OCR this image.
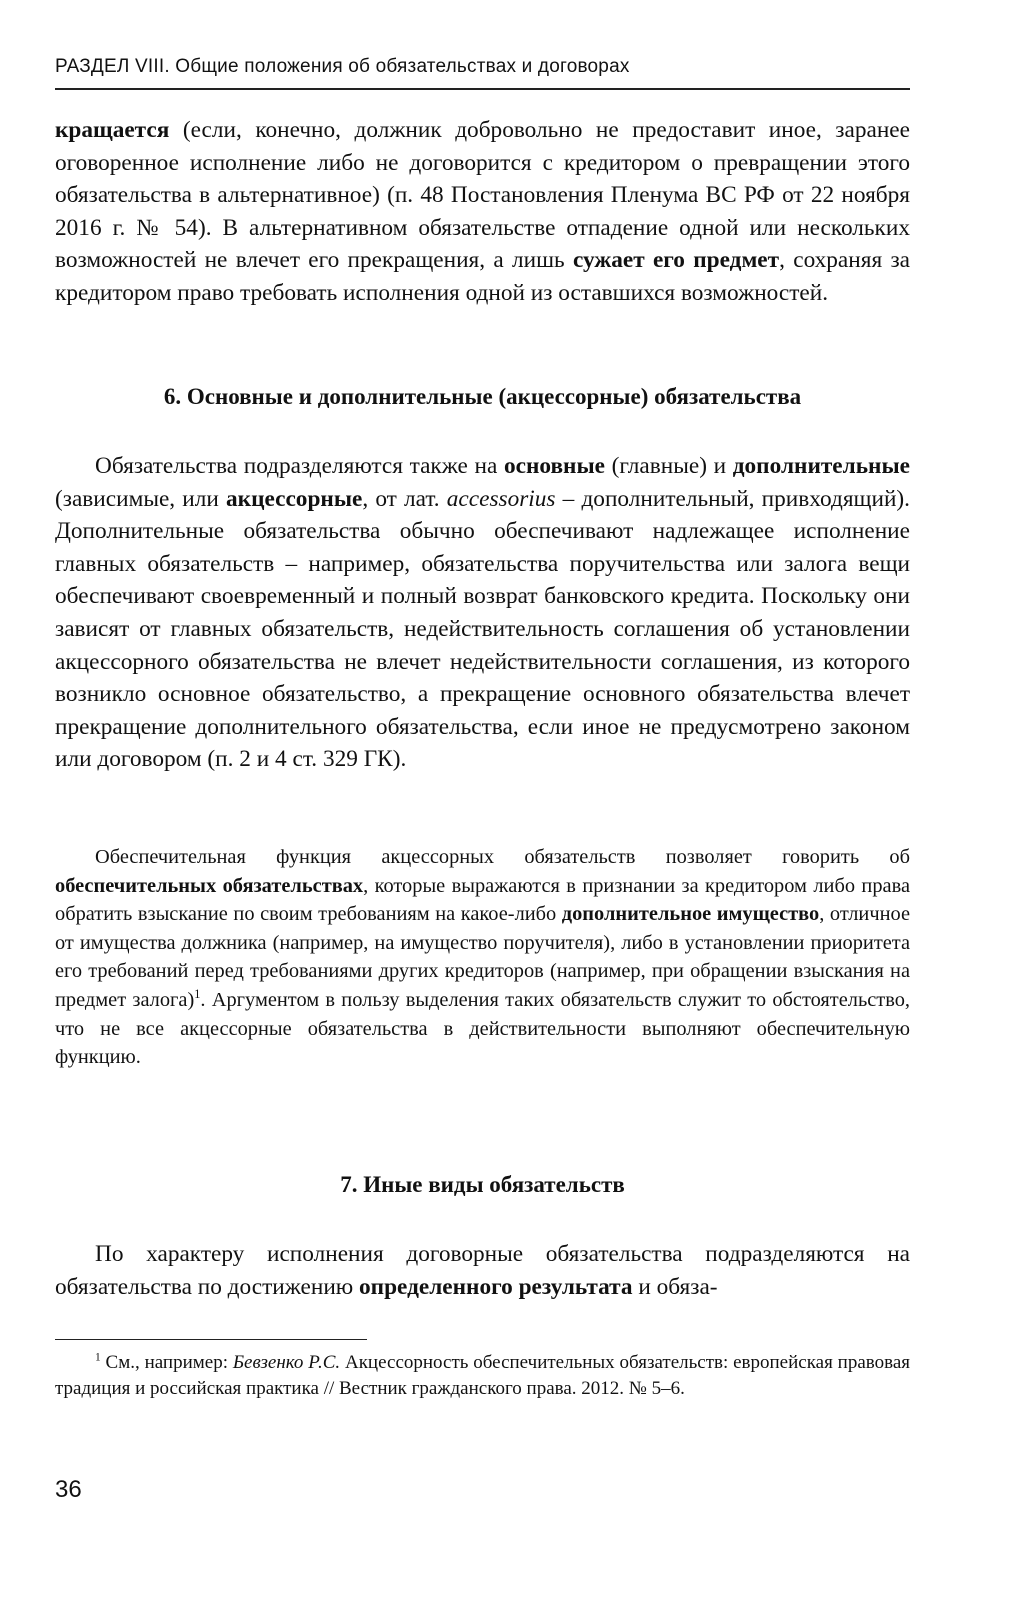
РАЗДЕЛ VIII. Общие положения об обязательствах и договорах
кращается (если, конечно, должник добровольно не предоставит иное, заранее оговоренное исполнение либо не договорится с кредитором о превращении этого обязательства в альтернативное) (п. 48 Постановления Пленума ВС РФ от 22 ноября 2016 г. № 54). В альтернативном обязательстве отпадение одной или нескольких возможностей не влечет его прекращения, а лишь сужает его предмет, сохраняя за кредитором право требовать исполнения одной из оставшихся возможностей.
6. Основные и дополнительные (акцессорные) обязательства
Обязательства подразделяются также на основные (главные) и дополнительные (зависимые, или акцессорные, от лат. accessorius – дополнительный, привходящий). Дополнительные обязательства обычно обеспечивают надлежащее исполнение главных обязательств – например, обязательства поручительства или залога вещи обеспечивают своевременный и полный возврат банковского кредита. Поскольку они зависят от главных обязательств, недействительность соглашения об установлении акцессорного обязательства не влечет недействительности соглашения, из которого возникло основное обязательство, а прекращение основного обязательства влечет прекращение дополнительного обязательства, если иное не предусмотрено законом или договором (п. 2 и 4 ст. 329 ГК).
Обеспечительная функция акцессорных обязательств позволяет говорить об обеспечительных обязательствах, которые выражаются в признании за кредитором либо права обратить взыскание по своим требованиям на какое-либо дополнительное имущество, отличное от имущества должника (например, на имущество поручителя), либо в установлении приоритета его требований перед требованиями других кредиторов (например, при обращении взыскания на предмет залога)$^1$. Аргументом в пользу выделения таких обязательств служит то обстоятельство, что не все акцессорные обязательства в действительности выполняют обеспечительную функцию.
7. Иные виды обязательств
По характеру исполнения договорные обязательства подразделяются на обязательства по достижению определенного результата и обяза-
$^1$ См., например: Бевзенко Р.С. Акцессорность обеспечительных обязательств: европейская правовая традиция и российская практика // Вестник гражданского права. 2012. № 5–6.
36
